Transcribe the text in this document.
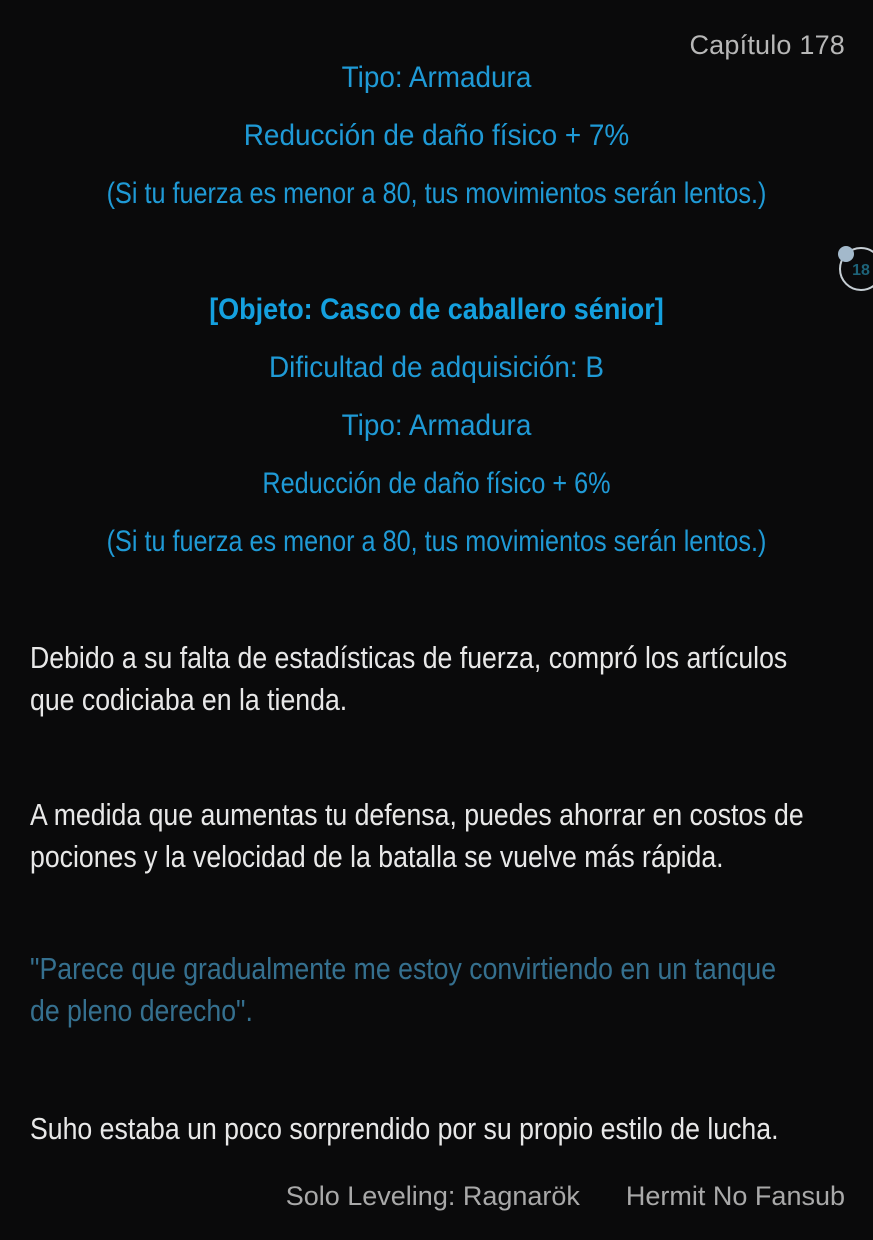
Capítulo 178
Tipo: Armadura
Reducción de daño físico + 7%
(Si tu fuerza es menor a 80, tus movimientos serán lentos.)
[Objeto: Casco de caballero sénior]
Dificultad de adquisición: B
Tipo: Armadura
Reducción de daño físico + 6%
(Si tu fuerza es menor a 80, tus movimientos serán lentos.)
Debido a su falta de estadísticas de fuerza, compró los artículos
que codiciaba en la tienda.
A medida que aumentas tu defensa, puedes ahorrar en costos de
pociones y la velocidad de la batalla se vuelve más rápida.
"Parece que gradualmente me estoy convirtiendo en un tanque
de pleno derecho".
Suho estaba un poco sorprendido por su propio estilo de lucha.
18
Solo Leveling: Ragnarök Hermit No Fansub
